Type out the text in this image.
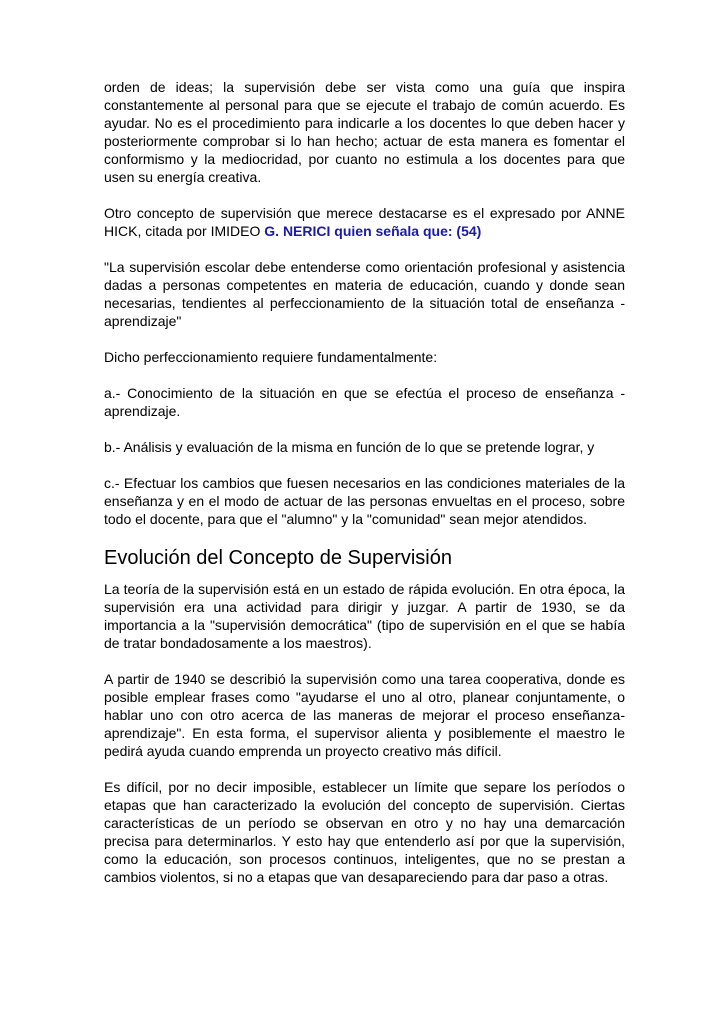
orden de ideas; la supervisión debe ser vista como una guía que inspira constantemente al personal para que se ejecute el trabajo de común acuerdo. Es ayudar. No es el procedimiento para indicarle a los docentes lo que deben hacer y posteriormente comprobar si lo han hecho; actuar de esta manera es fomentar el conformismo y la mediocridad, por cuanto no estimula a los docentes para que usen su energía creativa.

Otro concepto de supervisión que merece destacarse es el expresado por ANNE HICK, citada por IMIDEO G. NERICI quien señala que: (54)

"La supervisión escolar debe entenderse como orientación profesional y asistencia dadas a personas competentes en materia de educación, cuando y donde sean necesarias, tendientes al perfeccionamiento de la situación total de enseñanza - aprendizaje"

Dicho perfeccionamiento requiere fundamentalmente:

a.- Conocimiento de la situación en que se efectúa el proceso de enseñanza - aprendizaje.

b.- Análisis y evaluación de la misma en función de lo que se pretende lograr, y

c.- Efectuar los cambios que fuesen necesarios en las condiciones materiales de la enseñanza y en el modo de actuar de las personas envueltas en el proceso, sobre todo el docente, para que el "alumno" y la "comunidad" sean mejor atendidos.

Evolución del Concepto de Supervisión

La teoría de la supervisión está en un estado de rápida evolución. En otra época, la supervisión era una actividad para dirigir y juzgar. A partir de 1930, se da importancia a la "supervisión democrática" (tipo de supervisión en el que se había de tratar bondadosamente a los maestros).

A partir de 1940 se describió la supervisión como una tarea cooperativa, donde es posible emplear frases como "ayudarse el uno al otro, planear conjuntamente, o hablar uno con otro acerca de las maneras de mejorar el proceso enseñanza-aprendizaje". En esta forma, el supervisor alienta y posiblemente el maestro le pedirá ayuda cuando emprenda un proyecto creativo más difícil.

Es difícil, por no decir imposible, establecer un límite que separe los períodos o etapas que han caracterizado la evolución del concepto de supervisión. Ciertas características de un período se observan en otro y no hay una demarcación precisa para determinarlos. Y esto hay que entenderlo así por que la supervisión, como la educación, son procesos continuos, inteligentes, que no se prestan a cambios violentos, si no a etapas que van desapareciendo para dar paso a otras.
